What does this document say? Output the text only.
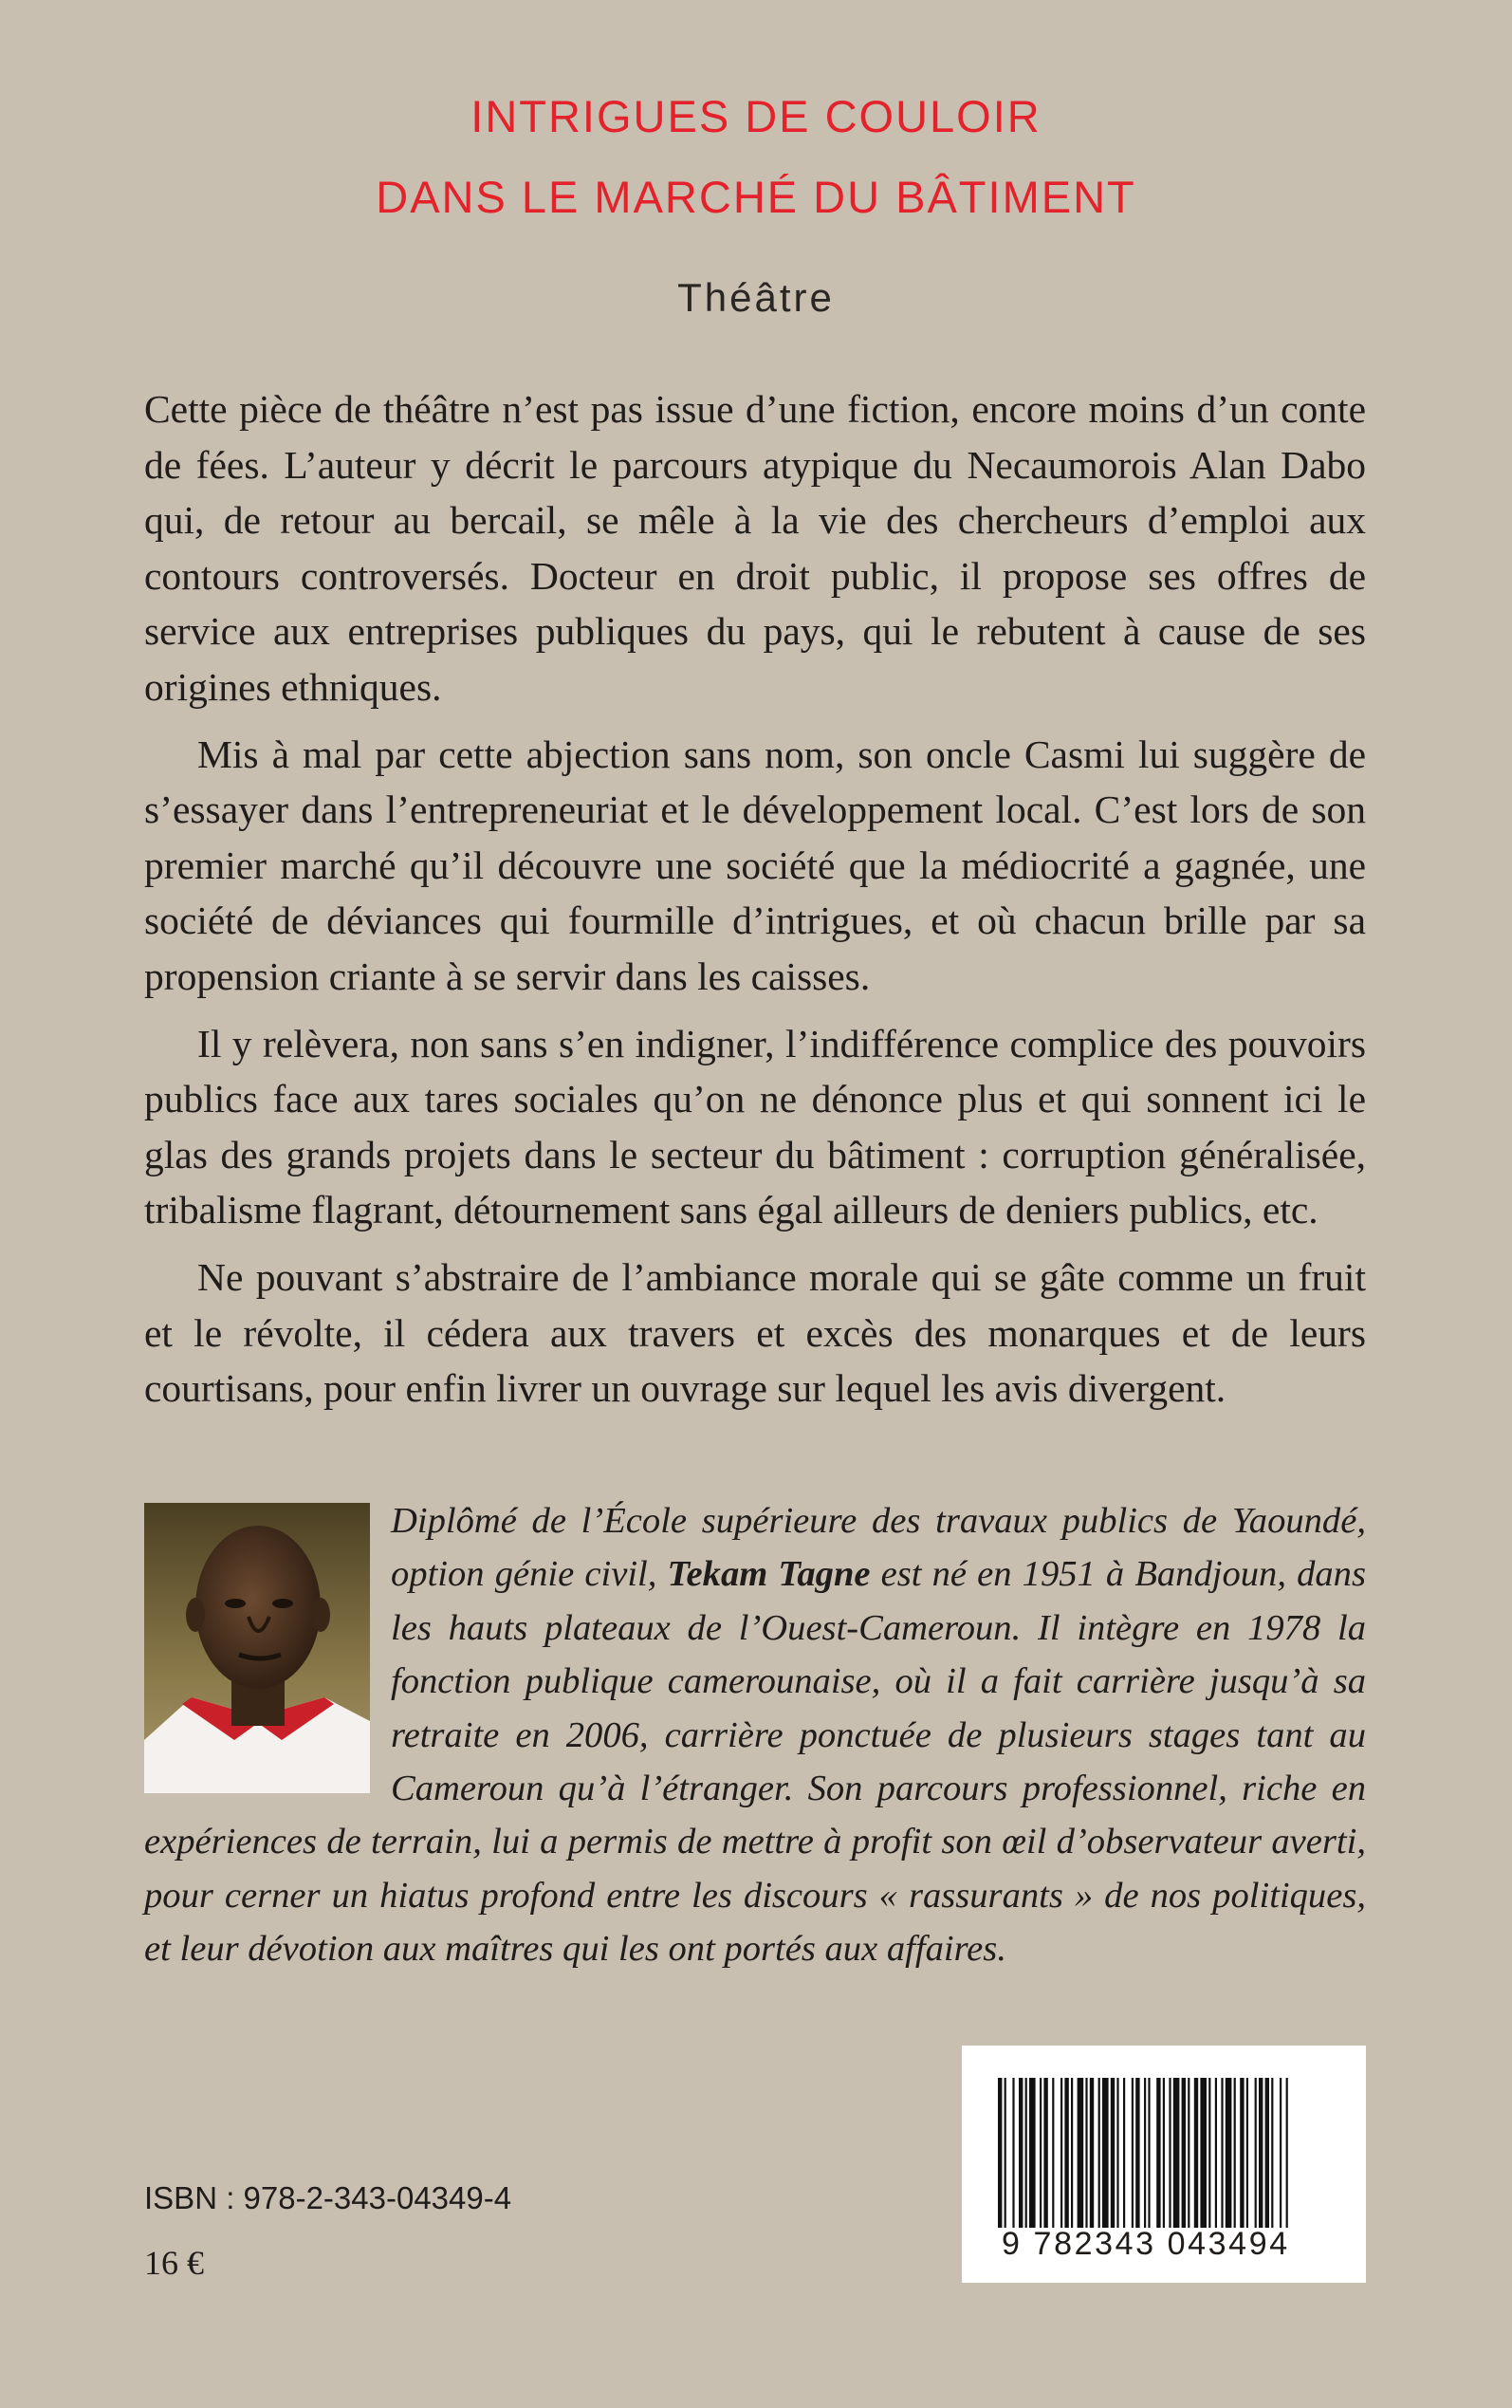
INTRIGUES DE COULOIR
DANS LE MARCHÉ DU BÂTIMENT
Théâtre

Cette pièce de théâtre n’est pas issue d’une fiction, encore moins d’un conte de fées. L’auteur y décrit le parcours atypique du Necaumorois Alan Dabo qui, de retour au bercail, se mêle à la vie des chercheurs d’emploi aux contours controversés. Docteur en droit public, il propose ses offres de service aux entreprises publiques du pays, qui le rebutent à cause de ses origines ethniques.

Mis à mal par cette abjection sans nom, son oncle Casmi lui suggère de s’essayer dans l’entrepreneuriat et le développement local. C’est lors de son premier marché qu’il découvre une société que la médiocrité a gagnée, une société de déviances qui fourmille d’intrigues, et où chacun brille par sa propension criante à se servir dans les caisses.

Il y relèvera, non sans s’en indigner, l’indifférence complice des pouvoirs publics face aux tares sociales qu’on ne dénonce plus et qui sonnent ici le glas des grands projets dans le secteur du bâtiment : corruption généralisée, tribalisme flagrant, détournement sans égal ailleurs de deniers publics, etc.

Ne pouvant s’abstraire de l’ambiance morale qui se gâte comme un fruit et le révolte, il cédera aux travers et excès des monarques et de leurs courtisans, pour enfin livrer un ouvrage sur lequel les avis divergent.

Diplômé de l’École supérieure des travaux publics de Yaoundé, option génie civil, Tekam Tagne est né en 1951 à Bandjoun, dans les hauts plateaux de l’Ouest-Cameroun. Il intègre en 1978 la fonction publique camerounaise, où il a fait carrière jusqu’à sa retraite en 2006, carrière ponctuée de plusieurs stages tant au Cameroun qu’à l’étranger. Son parcours professionnel, riche en expériences de terrain, lui a permis de mettre à profit son œil d’observateur averti, pour cerner un hiatus profond entre les discours « rassurants » de nos politiques, et leur dévotion aux maîtres qui les ont portés aux affaires.

ISBN : 978-2-343-04349-4
16 €	9 782343 043494
